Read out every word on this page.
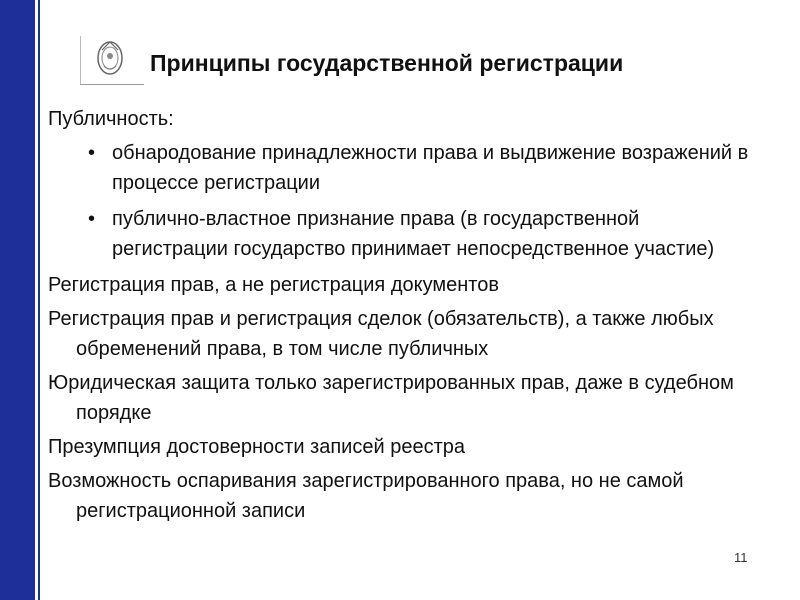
Принципы государственной регистрации

Публичность:

• обнародование принадлежности права и выдвижение возражений в процессе регистрации
• публично-властное признание права (в государственной регистрации государство принимает непосредственное участие)

Регистрация прав, а не регистрация документов

Регистрация прав и регистрация сделок (обязательств), а также любых обременений права, в том числе публичных

Юридическая защита только зарегистрированных прав, даже в судебном порядке

Презумпция достоверности записей реестра

Возможность оспаривания зарегистрированного права, но не самой регистрационной записи

11
